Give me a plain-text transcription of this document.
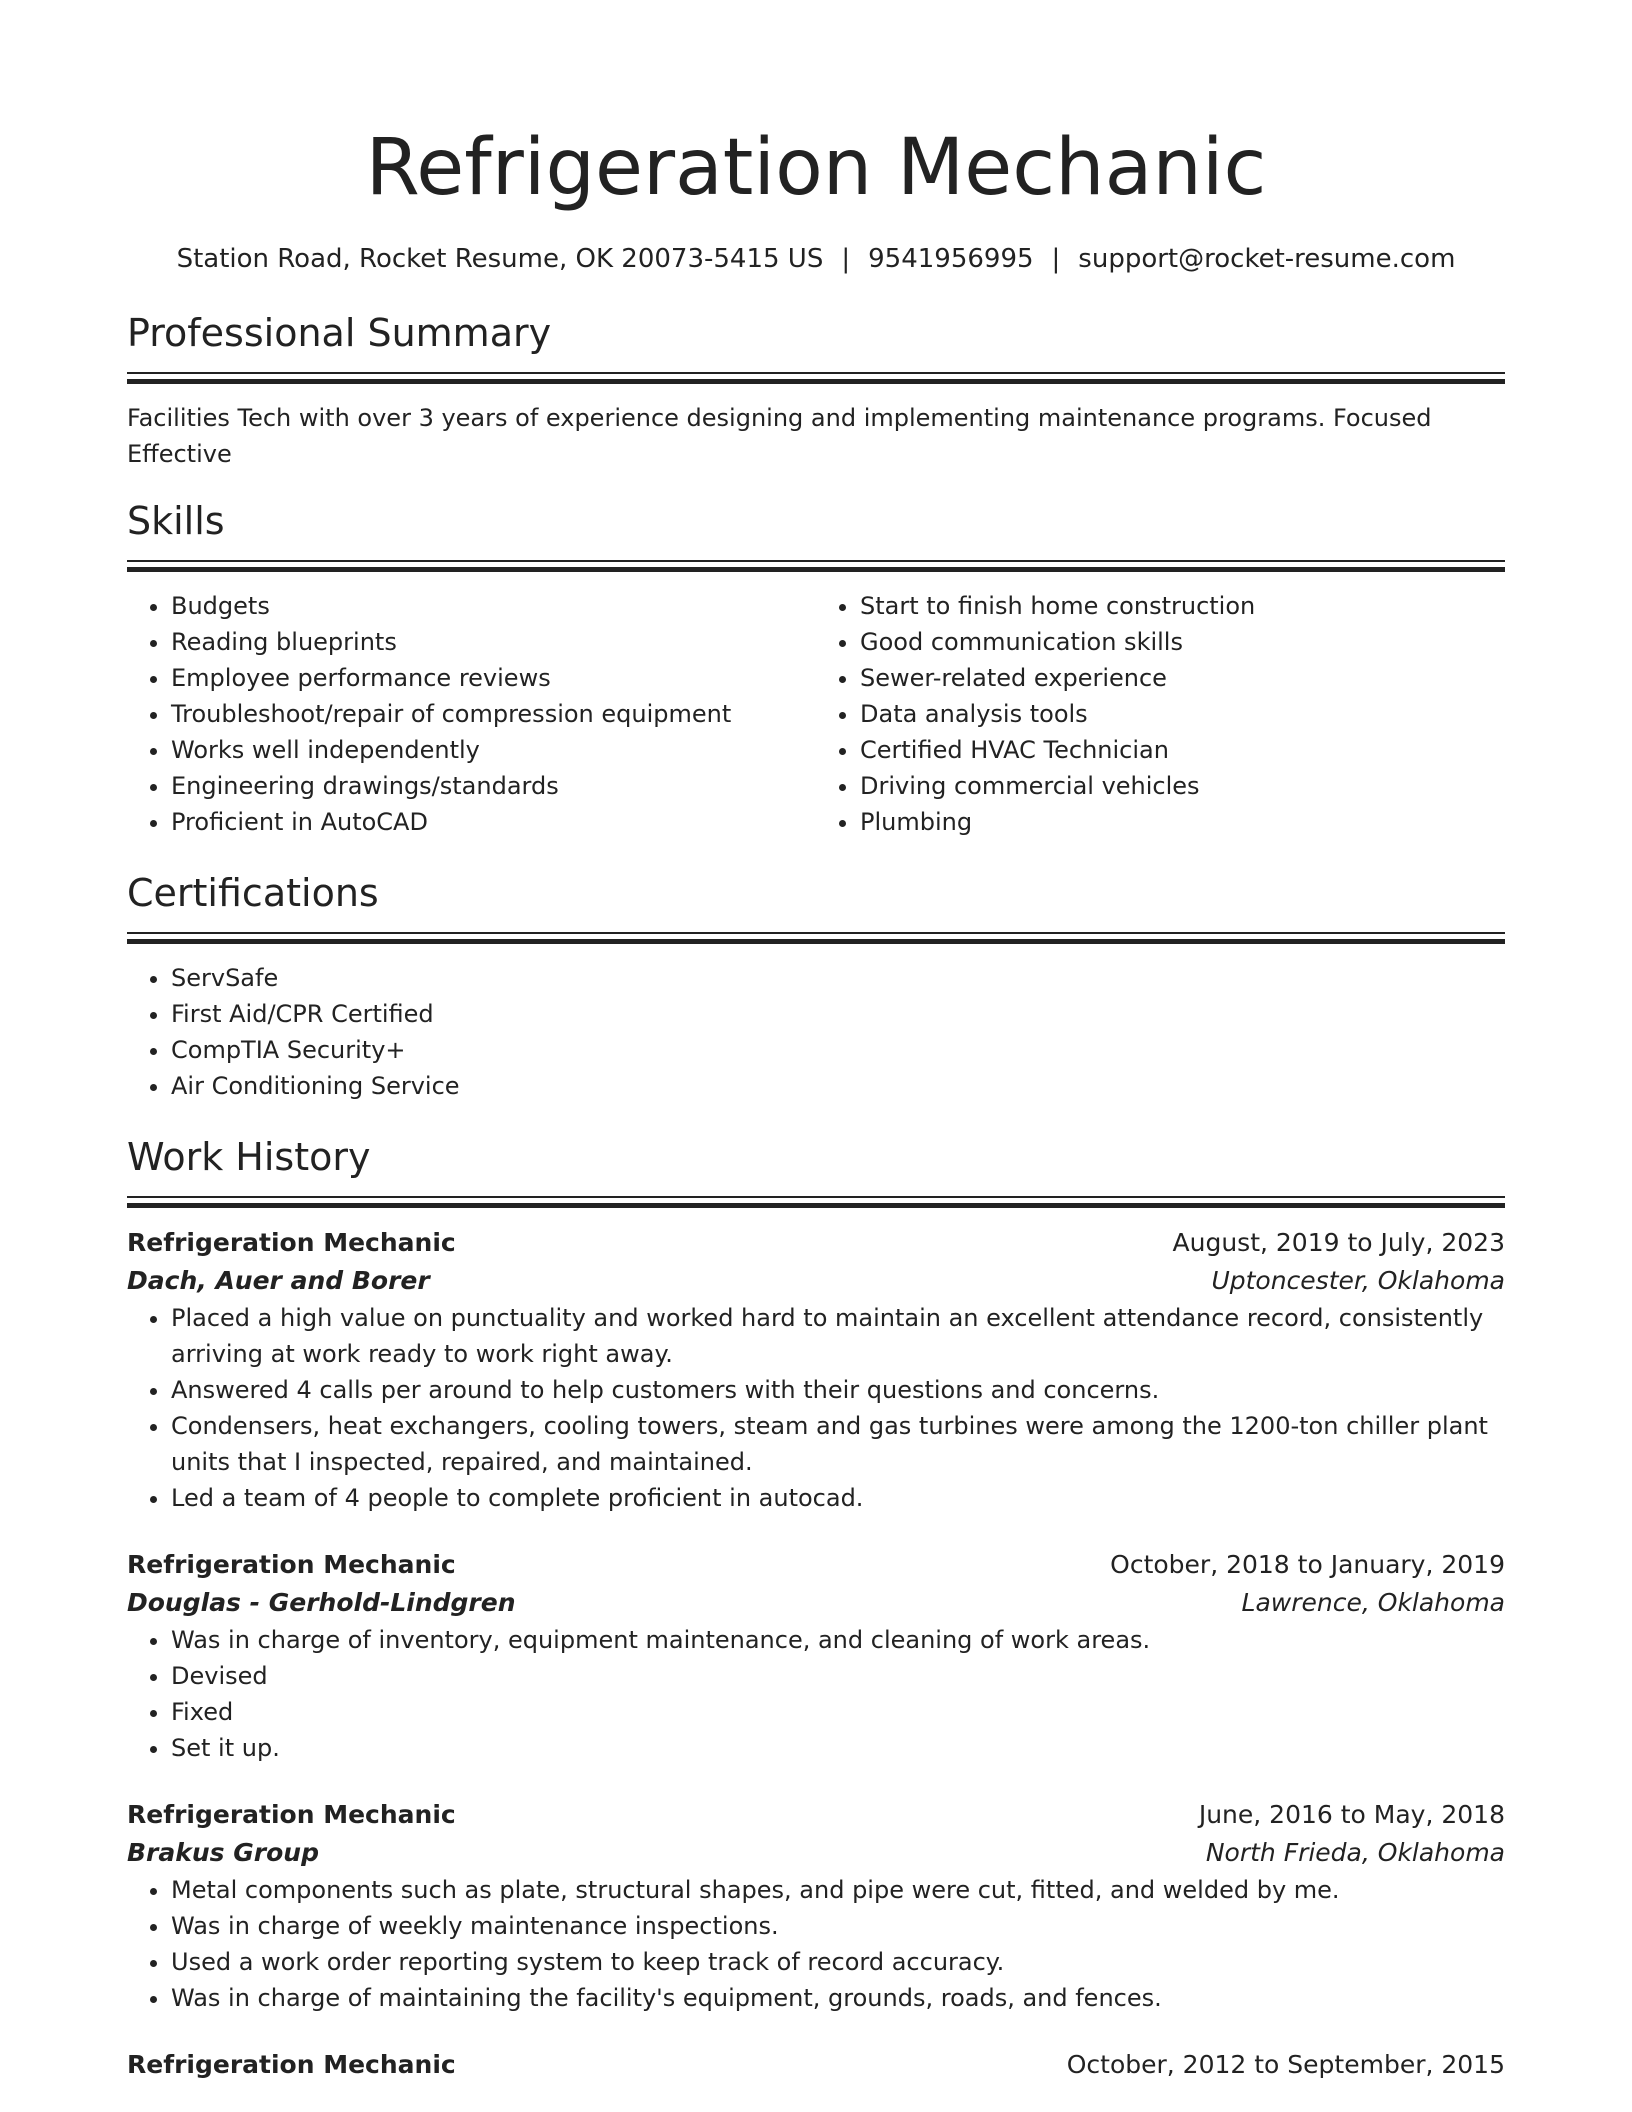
Refrigeration Mechanic
Station Road, Rocket Resume, OK 20073-5415 US | 9541956995 | support@rocket-resume.com
Professional Summary
Facilities Tech with over 3 years of experience designing and implementing maintenance programs. Focused Effective
Skills
• Budgets
• Reading blueprints
• Employee performance reviews
• Troubleshoot/repair of compression equipment
• Works well independently
• Engineering drawings/standards
• Proficient in AutoCAD
• Start to finish home construction
• Good communication skills
• Sewer-related experience
• Data analysis tools
• Certified HVAC Technician
• Driving commercial vehicles
• Plumbing
Certifications
• ServSafe
• First Aid/CPR Certified
• CompTIA Security+
• Air Conditioning Service
Work History
Refrigeration Mechanic	August, 2019 to July, 2023
Dach, Auer and Borer	Uptoncester, Oklahoma
• Placed a high value on punctuality and worked hard to maintain an excellent attendance record, consistently arriving at work ready to work right away.
• Answered 4 calls per around to help customers with their questions and concerns.
• Condensers, heat exchangers, cooling towers, steam and gas turbines were among the 1200-ton chiller plant units that I inspected, repaired, and maintained.
• Led a team of 4 people to complete proficient in autocad.
Refrigeration Mechanic	October, 2018 to January, 2019
Douglas - Gerhold-Lindgren	Lawrence, Oklahoma
• Was in charge of inventory, equipment maintenance, and cleaning of work areas.
• Devised
• Fixed
• Set it up.
Refrigeration Mechanic	June, 2016 to May, 2018
Brakus Group	North Frieda, Oklahoma
• Metal components such as plate, structural shapes, and pipe were cut, fitted, and welded by me.
• Was in charge of weekly maintenance inspections.
• Used a work order reporting system to keep track of record accuracy.
• Was in charge of maintaining the facility's equipment, grounds, roads, and fences.
Refrigeration Mechanic	October, 2012 to September, 2015
